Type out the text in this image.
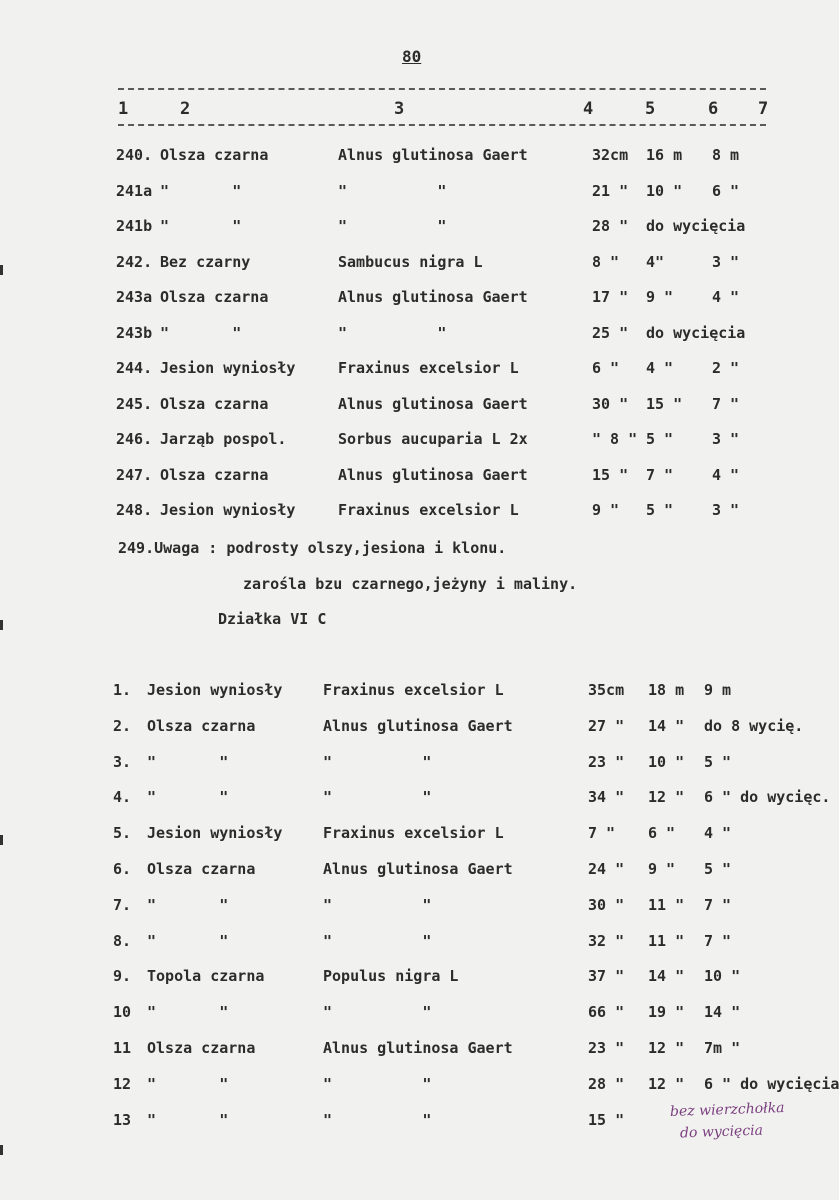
80
1	2	3	4	5	6 7
240. Olsza czarna	Alnus glutinosa Gaert	32cm 16 m 8 m
241a "       "	"          "	21 " 10 " 6 "
241b "       "	"          "	28 " do wycięcia
242. Bez czarny	Sambucus nigra L	8 " 4"	3 "
243a Olsza czarna	Alnus glutinosa Gaert	17 " 9 "	4 "
243b "       "	"          "	25 " do wycięcia
244. Jesion wyniosły	Fraxinus excelsior L	6 " 4 "	2 "
245. Olsza czarna	Alnus glutinosa Gaert	30 " 15 " 7 "
246. Jarząb pospol.	Sorbus aucuparia L 2x	" 8 " 5 "	3 "
247. Olsza czarna	Alnus glutinosa Gaert	15 " 7 "	4 "
248. Jesion wyniosły	Fraxinus excelsior L	9 " 5 "	3 "
249.Uwaga : podrosty olszy,jesiona i klonu.
zarośla bzu czarnego,jeżyny i maliny.
Działka VI C
1. Jesion wyniosły	Fraxinus excelsior L	35cm 18 m 9 m
2. Olsza czarna	Alnus glutinosa Gaert	27 " 14 " do 8 wycię.
3. "       "	"          "	23 " 10 " 5 "
4. "       "	"          "	34 " 12 " 6 " do wycięc.
5. Jesion wyniosły	Fraxinus excelsior L	7 " 6 " 4 "
6. Olsza czarna	Alnus glutinosa Gaert	24 " 9 " 5 "
7. "       "	"          "	30 " 11 " 7 "
8. "       "	"          "	32 " 11 " 7 "
9. Topola czarna	Populus nigra L	37 " 14 " 10 "
10 "       "	"          "	66 " 19 " 14 "
11 Olsza czarna	Alnus glutinosa Gaert	23 " 12 " 7m "
12 "       "	"          "	28 " 12 " 6 " do wycięcia
13 "       "	"          "	15 "	bez wierzchołka
do wycięcia
